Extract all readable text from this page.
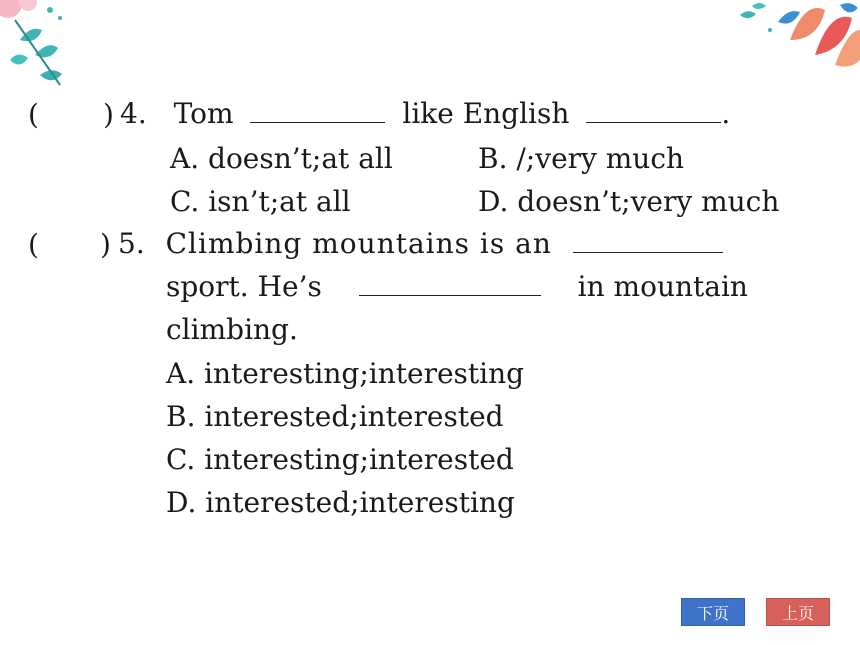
( ) 4. Tom	like English	.
A. doesn’t;at all	B. /;very much
C. isn’t;at all	D. doesn’t;very much
( ) 5. Climbing mountains is an
sport. He’s	in mountain
climbing.
A. interesting;interesting
B. interested;interested
C. interesting;interested
D. interested;interesting
下页	上页
